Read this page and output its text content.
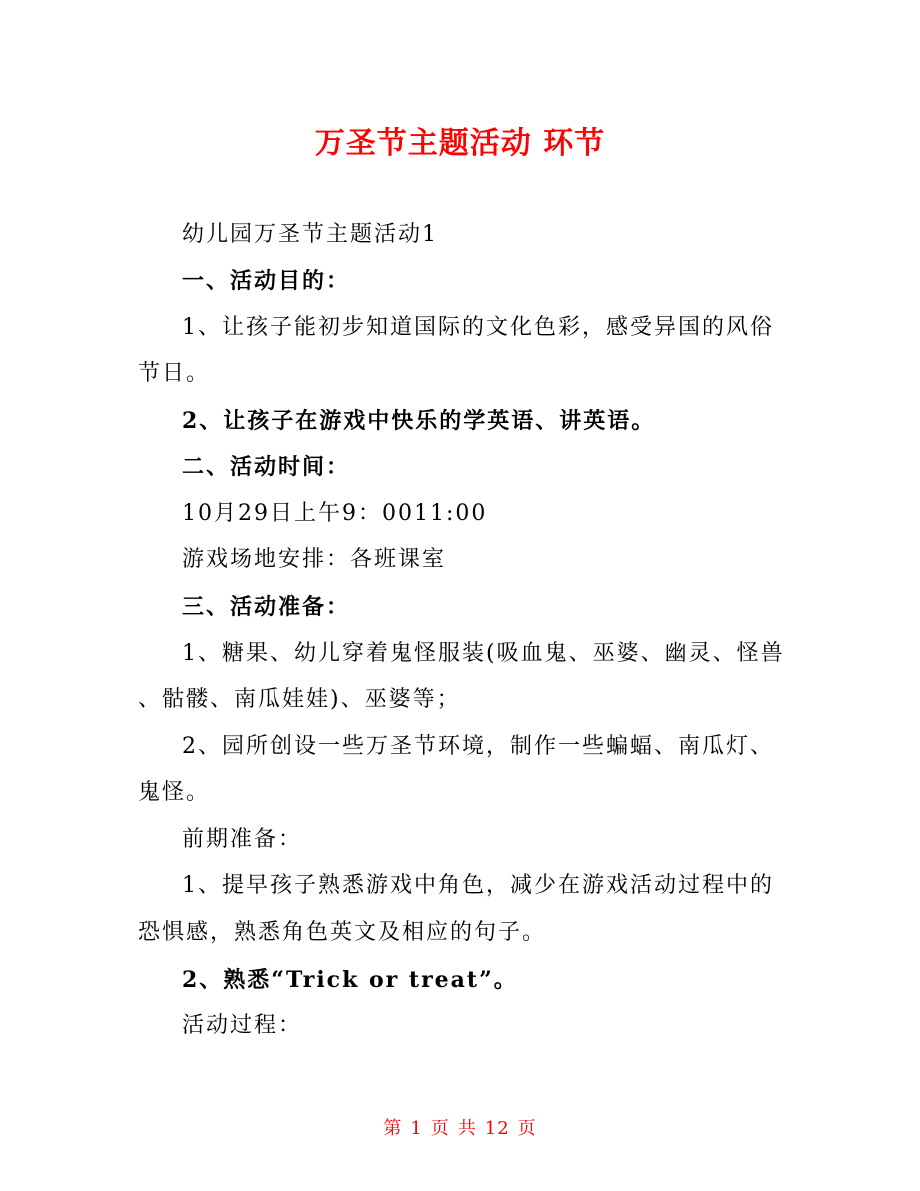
万圣节主题活动 环节
幼儿园万圣节主题活动1
一、活动目的：
1、让孩子能初步知道国际的文化色彩，感受异国的风俗
节日。
2、让孩子在游戏中快乐的学英语、讲英语。
二、活动时间：
10月29日上午9：0011:00
游戏场地安排：各班课室
三、活动准备：
1、糖果、幼儿穿着鬼怪服装(吸血鬼、巫婆、幽灵、怪兽
、骷髅、南瓜娃娃)、巫婆等；
2、园所创设一些万圣节环境，制作一些蝙蝠、南瓜灯、
鬼怪。
前期准备：
1、提早孩子熟悉游戏中角色，减少在游戏活动过程中的
恐惧感，熟悉角色英文及相应的句子。
2、熟悉“Trick or treat”。
活动过程：
第 1 页 共 12 页
